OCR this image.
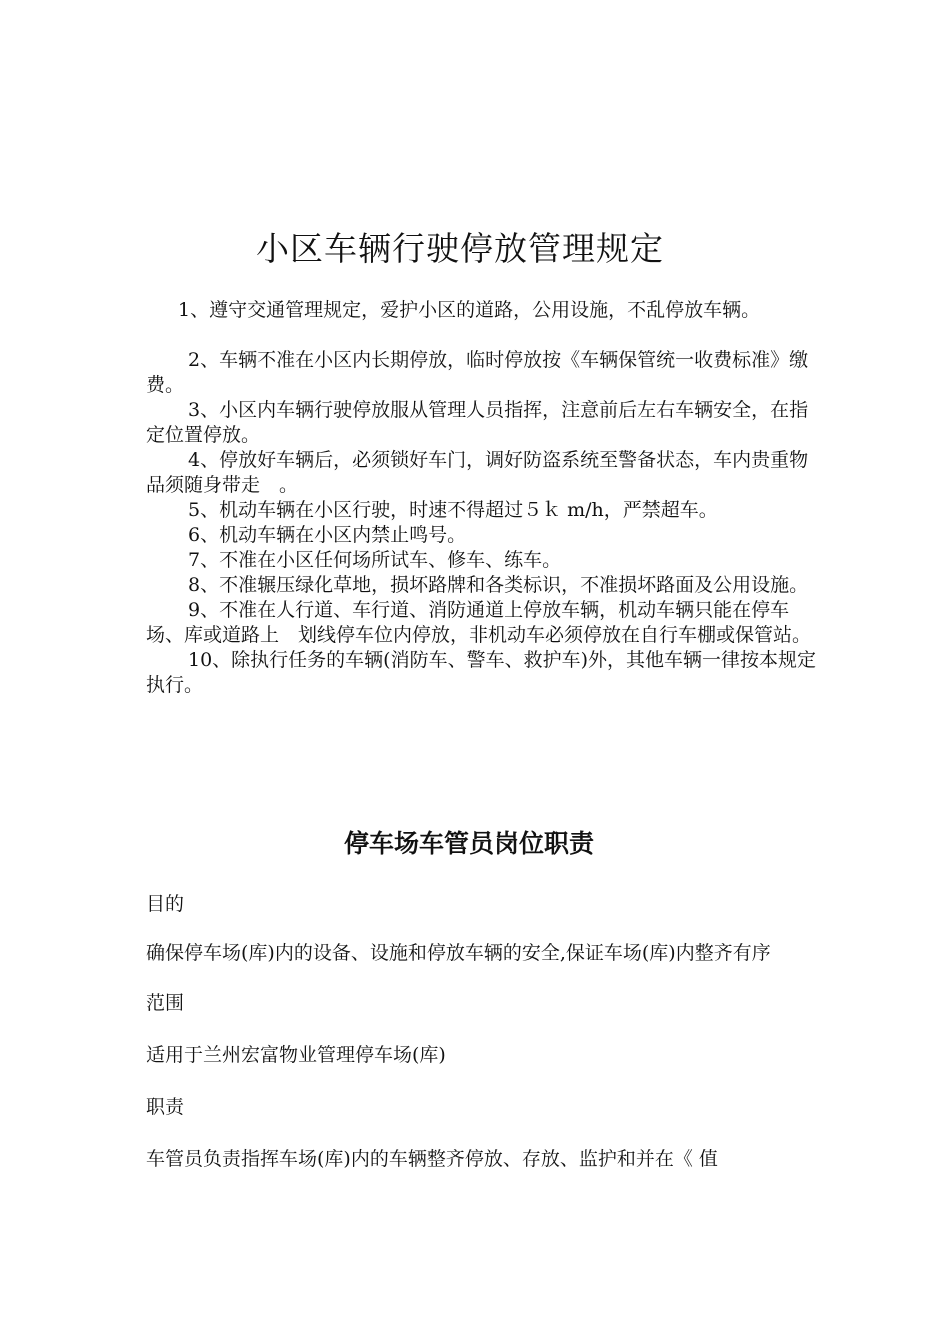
小区车辆行驶停放管理规定

1、遵守交通管理规定，爱护小区的道路，公用设施，不乱停放车辆。

2、车辆不准在小区内长期停放，临时停放按《车辆保管统一收费标准》缴费。

3、小区内车辆行驶停放服从管理人员指挥，注意前后左右车辆安全，在指定位置停放。

4、停放好车辆后，必须锁好车门，调好防盗系统至警备状态，车内贵重物品须随身带走　。

5、机动车辆在小区行驶，时速不得超过５ｋ m/h，严禁超车。

6、机动车辆在小区内禁止鸣号。

7、不准在小区任何场所试车、修车、练车。

8、不准辗压绿化草地，损坏路牌和各类标识，不准损坏路面及公用设施。

9、不准在人行道、车行道、消防通道上停放车辆，机动车辆只能在停车场、库或道路上　划线停车位内停放，非机动车必须停放在自行车棚或保管站。

10、除执行任务的车辆(消防车、警车、救护车)外，其他车辆一律按本规定执行。

停车场车管员岗位职责

目的

确保停车场(库)内的设备、设施和停放车辆的安全,保证车场(库)内整齐有序

范围

适用于兰州宏富物业管理停车场(库)

职责

车管员负责指挥车场(库)内的车辆整齐停放、存放、监护和并在《 值
